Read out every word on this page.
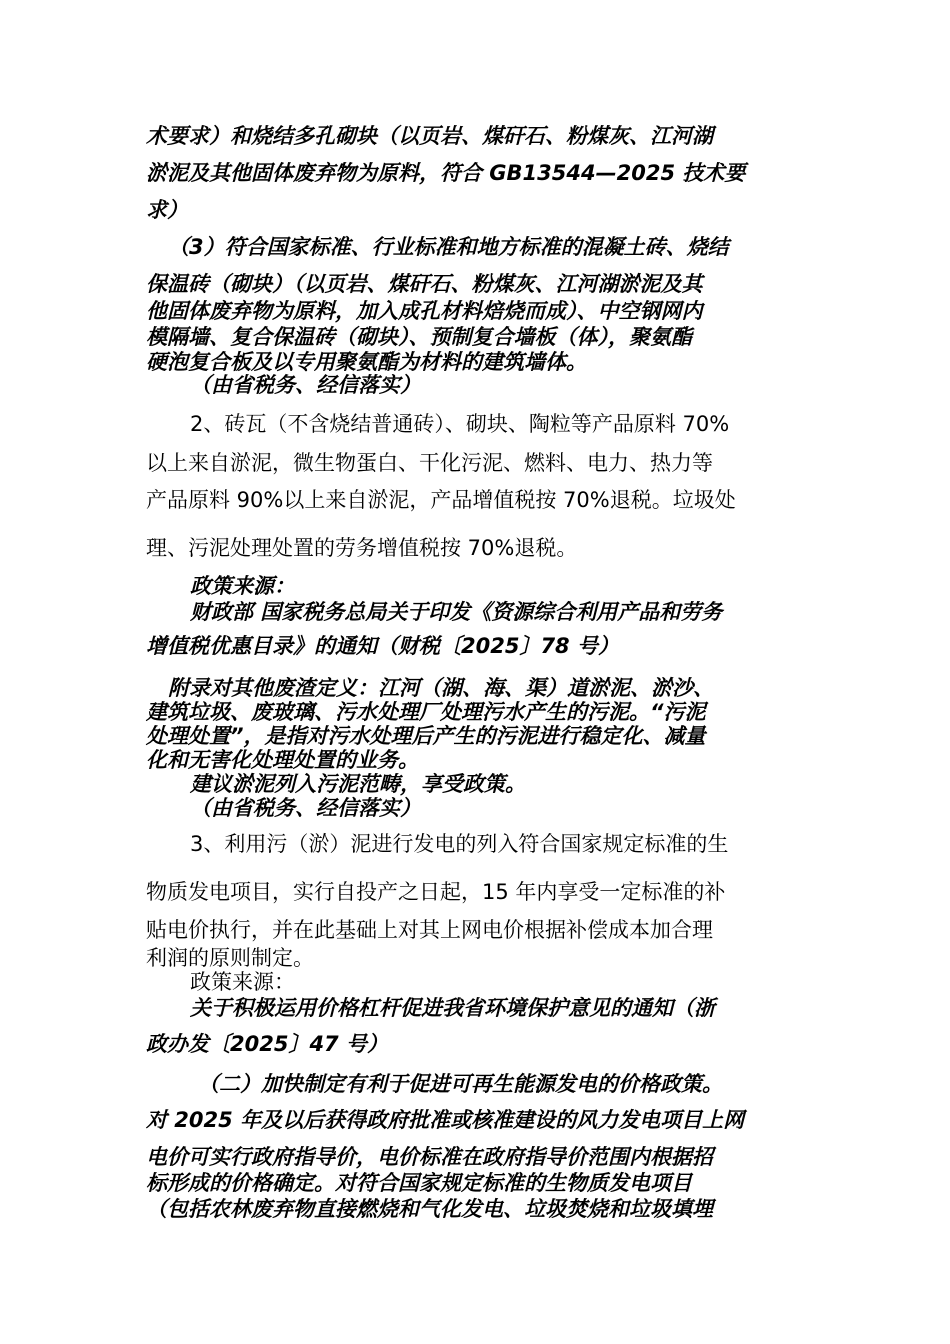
术要求）和烧结多孔砌块（以页岩、煤矸石、粉煤灰、江河湖
淤泥及其他固体废弃物为原料，符合 GB13544—2025 技术要
求）
（3）符合国家标准、行业标准和地方标准的混凝土砖、烧结
保温砖（砌块）（以页岩、煤矸石、粉煤灰、江河湖淤泥及其
他固体废弃物为原料，加入成孔材料焙烧而成）、中空钢网内
模隔墙、复合保温砖（砌块）、预制复合墙板（体），聚氨酯
硬泡复合板及以专用聚氨酯为材料的建筑墙体。
（由省税务、经信落实）
2、砖瓦（不含烧结普通砖）、砌块、陶粒等产品原料 70%
以上来自淤泥，微生物蛋白、干化污泥、燃料、电力、热力等
产品原料 90%以上来自淤泥，产品增值税按 70%退税。垃圾处
理、污泥处理处置的劳务增值税按 70%退税。
政策来源：
财政部 国家税务总局关于印发《资源综合利用产品和劳务
增值税优惠目录》的通知（财税〔2025〕78 号）
附录对其他废渣定义：江河（湖、海、渠）道淤泥、淤沙、
建筑垃圾、废玻璃、污水处理厂处理污水产生的污泥。“污泥
处理处置”，是指对污水处理后产生的污泥进行稳定化、减量
化和无害化处理处置的业务。
建议淤泥列入污泥范畴，享受政策。
（由省税务、经信落实）
3、利用污（淤）泥进行发电的列入符合国家规定标准的生
物质发电项目，实行自投产之日起，15 年内享受一定标准的补
贴电价执行，并在此基础上对其上网电价根据补偿成本加合理
利润的原则制定。
政策来源：
关于积极运用价格杠杆促进我省环境保护意见的通知（浙
政办发〔2025〕47 号）
（二）加快制定有利于促进可再生能源发电的价格政策。
对 2025 年及以后获得政府批准或核准建设的风力发电项目上网
电价可实行政府指导价，电价标准在政府指导价范围内根据招
标形成的价格确定。对符合国家规定标准的生物质发电项目
（包括农林废弃物直接燃烧和气化发电、垃圾焚烧和垃圾填埋
